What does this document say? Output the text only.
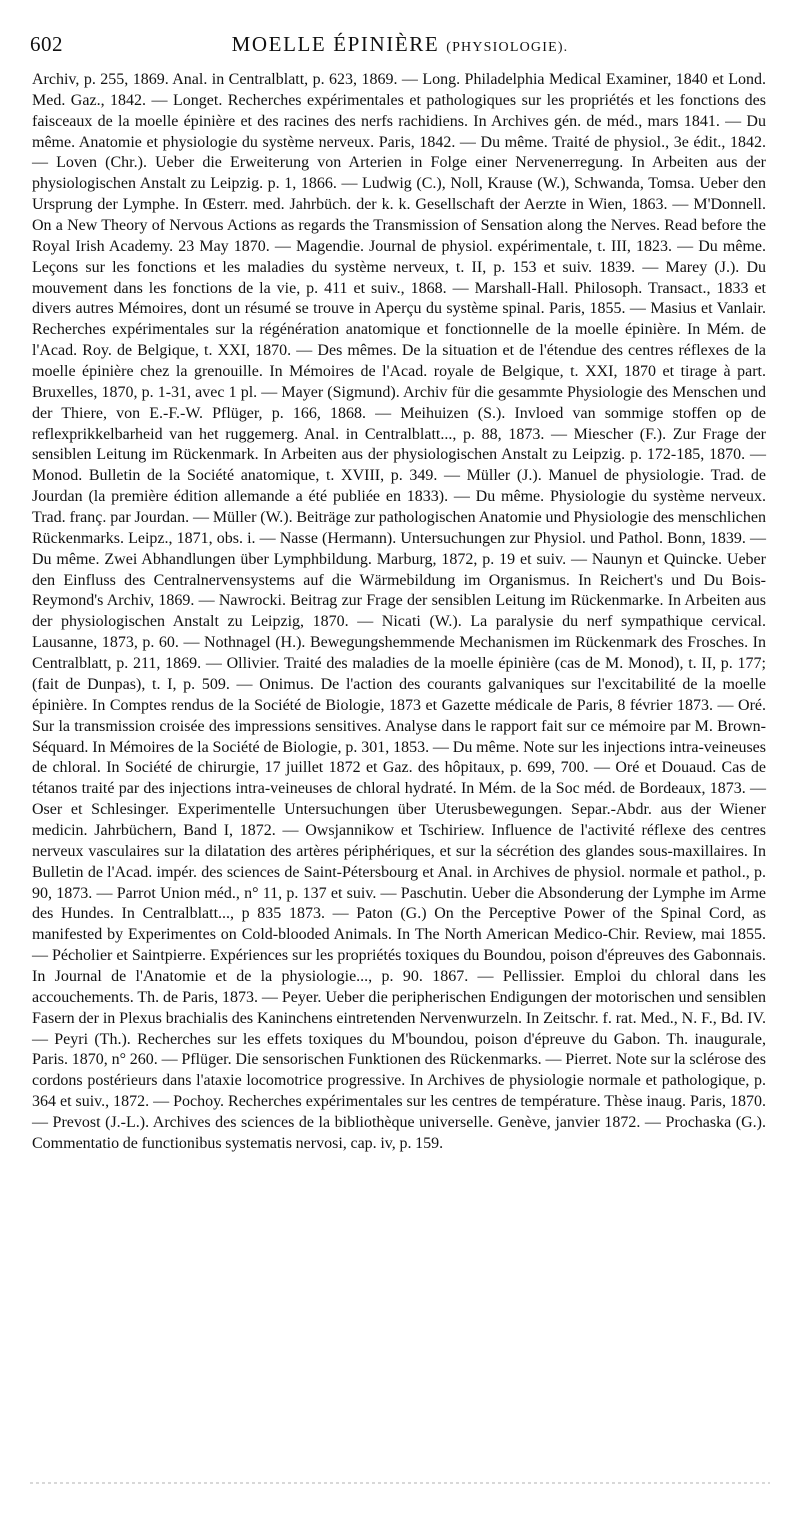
602	MOELLE ÉPINIÈRE (PHYSIOLOGIE).

Archiv, p. 255, 1869. Anal. in Centralblatt, p. 623, 1869. — Long. Philadelphia Medical Examiner, 1840 et Lond. Med. Gaz., 1842. — Longet. Recherches expérimentales et pathologiques sur les propriétés et les fonctions des faisceaux de la moelle épinière et des racines des nerfs rachidiens. In Archives gén. de méd., mars 1841. — Du même. Anatomie et physiologie du système nerveux. Paris, 1842. — Du même. Traité de physiol., 3e édit., 1842. — Loven (Chr.). Ueber die Erweiterung von Arterien in Folge einer Nervenerregung. In Arbeiten aus der physiologischen Anstalt zu Leipzig. p. 1, 1866. — Ludwig (C.), Noll, Krause (W.), Schwanda, Tomsa. Ueber den Ursprung der Lymphe. In Œsterr. med. Jahrbüch. der k. k. Gesellschaft der Aerzte in Wien, 1863. — M'Donnell. On a New Theory of Nervous Actions as regards the Transmission of Sensation along the Nerves. Read before the Royal Irish Academy. 23 May 1870. — Magendie. Journal de physiol. expérimentale, t. III, 1823. — Du même. Leçons sur les fonctions et les maladies du système nerveux, t. II, p. 153 et suiv. 1839. — Marey (J.). Du mouvement dans les fonctions de la vie, p. 411 et suiv., 1868. — Marshall-Hall. Philosoph. Transact., 1833 et divers autres Mémoires, dont un résumé se trouve in Aperçu du système spinal. Paris, 1855. — Masius et Vanlair. Recherches expérimentales sur la régénération anatomique et fonctionnelle de la moelle épinière. In Mém. de l'Acad. Roy. de Belgique, t. XXI, 1870. — Des mêmes. De la situation et de l'étendue des centres réflexes de la moelle épinière chez la grenouille. In Mémoires de l'Acad. royale de Belgique, t. XXI, 1870 et tirage à part. Bruxelles, 1870, p. 1-31, avec 1 pl. — Mayer (Sigmund). Archiv für die gesammte Physiologie des Menschen und der Thiere, von E.-F.-W. Pflüger, p. 166, 1868. — Meihuizen (S.). Invloed van sommige stoffen op de reflexprikkelbarheid van het ruggemerg. Anal. in Centralblatt..., p. 88, 1873. — Miescher (F.). Zur Frage der sensiblen Leitung im Rückenmark. In Arbeiten aus der physiologischen Anstalt zu Leipzig. p. 172-185, 1870. — Monod. Bulletin de la Société anatomique, t. XVIII, p. 349. — Müller (J.). Manuel de physiologie. Trad. de Jourdan (la première édition allemande a été publiée en 1833). — Du même. Physiologie du système nerveux. Trad. franç. par Jourdan. — Müller (W.). Beiträge zur pathologischen Anatomie und Physiologie des menschlichen Rückenmarks. Leipz., 1871, obs. i. — Nasse (Hermann). Untersuchungen zur Physiol. und Pathol. Bonn, 1839. — Du même. Zwei Abhandlungen über Lymphbildung. Marburg, 1872, p. 19 et suiv. — Naunyn et Quincke. Ueber den Einfluss des Centralnervensystems auf die Wärmebildung im Organismus. In Reichert's und Du Bois-Reymond's Archiv, 1869. — Nawrocki. Beitrag zur Frage der sensiblen Leitung im Rückenmarke. In Arbeiten aus der physiologischen Anstalt zu Leipzig, 1870. — Nicati (W.). La paralysie du nerf sympathique cervical. Lausanne, 1873, p. 60. — Nothnagel (H.). Bewegungshemmende Mechanismen im Rückenmark des Frosches. In Centralblatt, p. 211, 1869. — Ollivier. Traité des maladies de la moelle épinière (cas de M. Monod), t. II, p. 177; (fait de Dunpas), t. I, p. 509. — Onimus. De l'action des courants galvaniques sur l'excitabilité de la moelle épinière. In Comptes rendus de la Société de Biologie, 1873 et Gazette médicale de Paris, 8 février 1873. — Oré. Sur la transmission croisée des impressions sensitives. Analyse dans le rapport fait sur ce mémoire par M. Brown-Séquard. In Mémoires de la Société de Biologie, p. 301, 1853. — Du même. Note sur les injections intra-veineuses de chloral. In Société de chirurgie, 17 juillet 1872 et Gaz. des hôpitaux, p. 699, 700. — Oré et Douaud. Cas de tétanos traité par des injections intra-veineuses de chloral hydraté. In Mém. de la Soc méd. de Bordeaux, 1873. — Oser et Schlesinger. Experimentelle Untersuchungen über Uterusbewegungen. Separ.-Abdr. aus der Wiener medicin. Jahrbüchern, Band I, 1872. — Owsjannikow et Tschiriew. Influence de l'activité réflexe des centres nerveux vasculaires sur la dilatation des artères périphériques, et sur la sécrétion des glandes sous-maxillaires. In Bulletin de l'Acad. impér. des sciences de Saint-Pétersbourg et Anal. in Archives de physiol. normale et pathol., p. 90, 1873. — Parrot Union méd., n° 11, p. 137 et suiv. — Paschutin. Ueber die Absonderung der Lymphe im Arme des Hundes. In Centralblatt..., p 835 1873. — Paton (G.) On the Perceptive Power of the Spinal Cord, as manifested by Experimentes on Cold-blooded Animals. In The North American Medico-Chir. Review, mai 1855. — Pécholier et Saintpierre. Expériences sur les propriétés toxiques du Boundou, poison d'épreuves des Gabonnais. In Journal de l'Anatomie et de la physiologie..., p. 90. 1867. — Pellissier. Emploi du chloral dans les accouchements. Th. de Paris, 1873. — Peyer. Ueber die peripherischen Endigungen der motorischen und sensiblen Fasern der in Plexus brachialis des Kaninchens eintretenden Nervenwurzeln. In Zeitschr. f. rat. Med., N. F., Bd. IV. — Peyri (Th.). Recherches sur les effets toxiques du M'boundou, poison d'épreuve du Gabon. Th. inaugurale, Paris. 1870, n° 260. — Pflüger. Die sensorischen Funktionen des Rückenmarks. — Pierret. Note sur la sclérose des cordons postérieurs dans l'ataxie locomotrice progressive. In Archives de physiologie normale et pathologique, p. 364 et suiv., 1872. — Pochoy. Recherches expérimentales sur les centres de température. Thèse inaug. Paris, 1870. — Prevost (J.-L.). Archives des sciences de la bibliothèque universelle. Genève, janvier 1872. — Prochaska (G.). Commentatio de functionibus systematis nervosi, cap. iv, p. 159.
